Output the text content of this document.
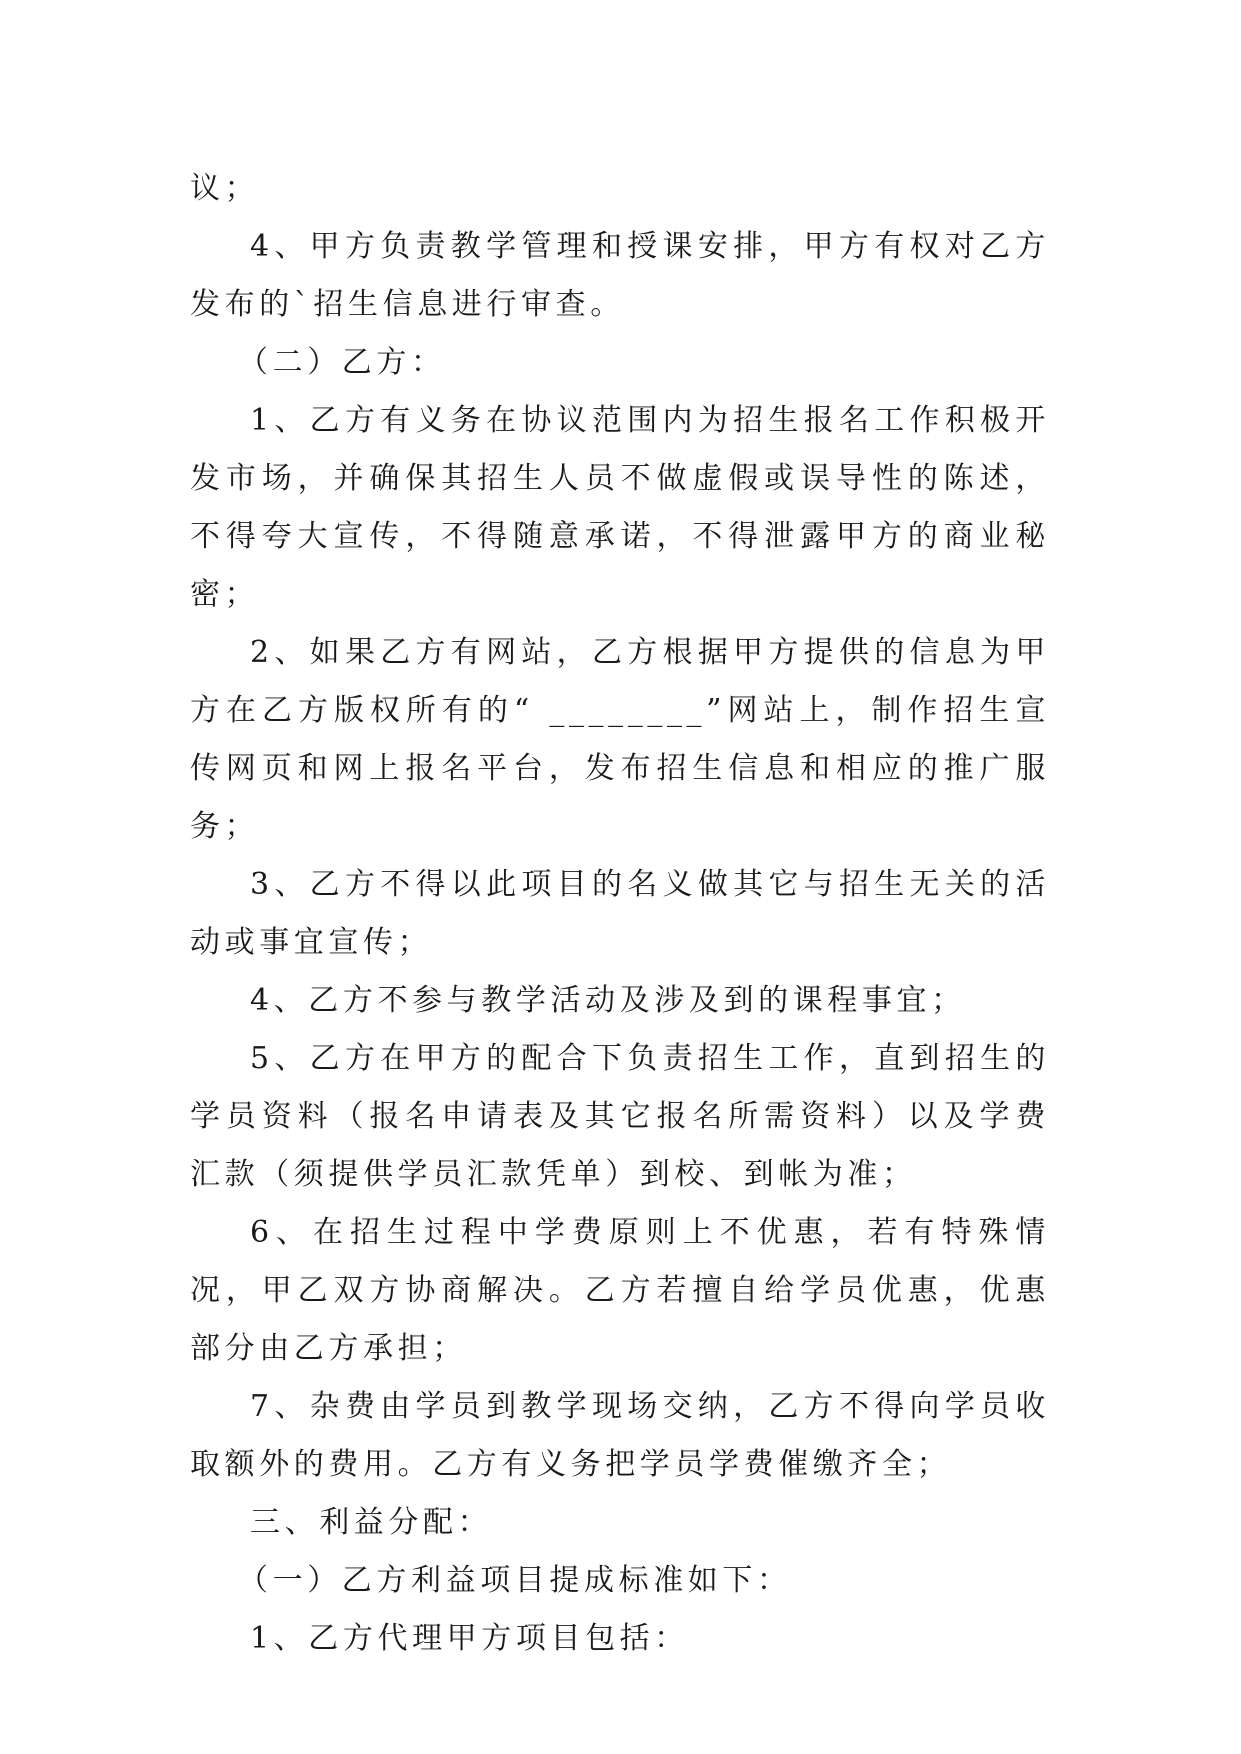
议；

4、甲方负责教学管理和授课安排，甲方有权对乙方发布的`招生信息进行审查。

（二）乙方：

1、乙方有义务在协议范围内为招生报名工作积极开发市场，并确保其招生人员不做虚假或误导性的陈述，不得夸大宣传，不得随意承诺，不得泄露甲方的商业秘密；

2、如果乙方有网站，乙方根据甲方提供的信息为甲方在乙方版权所有的“ ________”网站上，制作招生宣传网页和网上报名平台，发布招生信息和相应的推广服务；

3、乙方不得以此项目的名义做其它与招生无关的活动或事宜宣传；

4、乙方不参与教学活动及涉及到的课程事宜；

5、乙方在甲方的配合下负责招生工作，直到招生的学员资料（报名申请表及其它报名所需资料）以及学费汇款（须提供学员汇款凭单）到校、到帐为准；

6、在招生过程中学费原则上不优惠，若有特殊情况，甲乙双方协商解决。乙方若擅自给学员优惠，优惠部分由乙方承担；

7、杂费由学员到教学现场交纳，乙方不得向学员收取额外的费用。乙方有义务把学员学费催缴齐全；

三、利益分配：

（一）乙方利益项目提成标准如下：

1、乙方代理甲方项目包括：
